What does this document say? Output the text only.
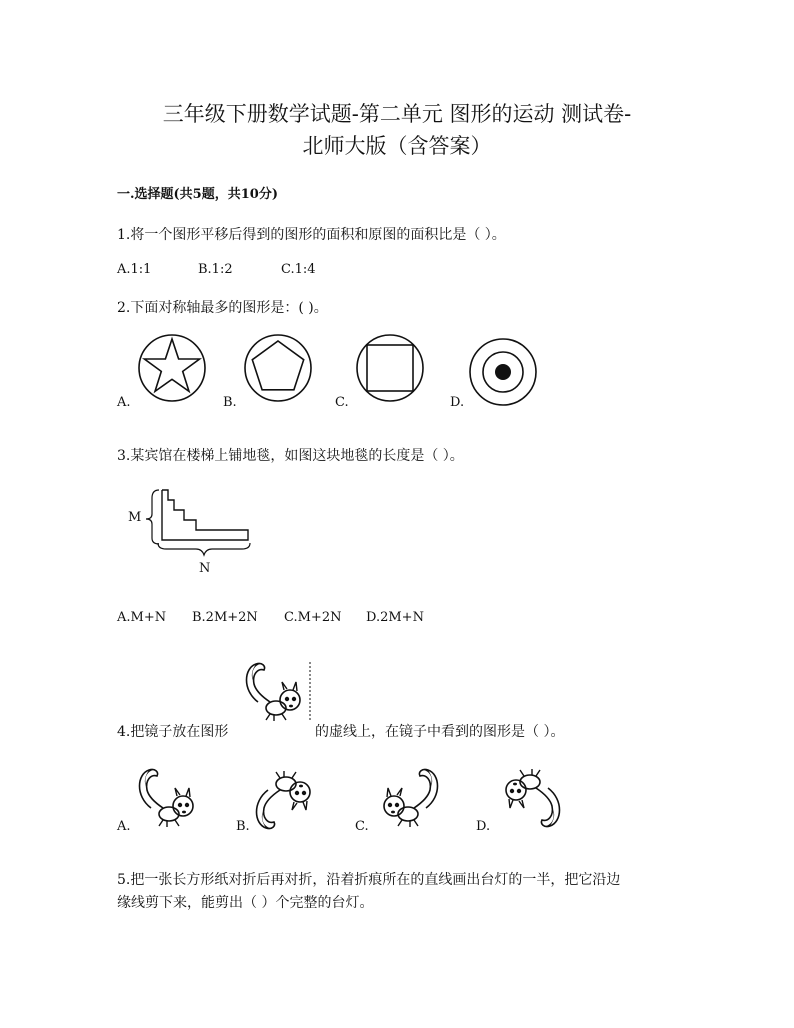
三年级下册数学试题-第二单元 图形的运动 测试卷-
北师大版（含答案）
一.选择题(共5题，共10分)
1.将一个图形平移后得到的图形的面积和原图的面积比是（ ）。
A.1:1	B.1:2	C.1:4
2.下面对称轴最多的图形是：( )。
A.	B.	C.	D.
3.某宾馆在楼梯上铺地毯，如图这块地毯的长度是（ ）。
M
N
A.M+N B.2M+2N C.M+2N D.2M+N
4.把镜子放在图形	的虚线上，在镜子中看到的图形是（ ）。
A.	B.	C.	D.
5.把一张长方形纸对折后再对折，沿着折痕所在的直线画出台灯的一半，把它沿边
缘线剪下来，能剪出（ ）个完整的台灯。
